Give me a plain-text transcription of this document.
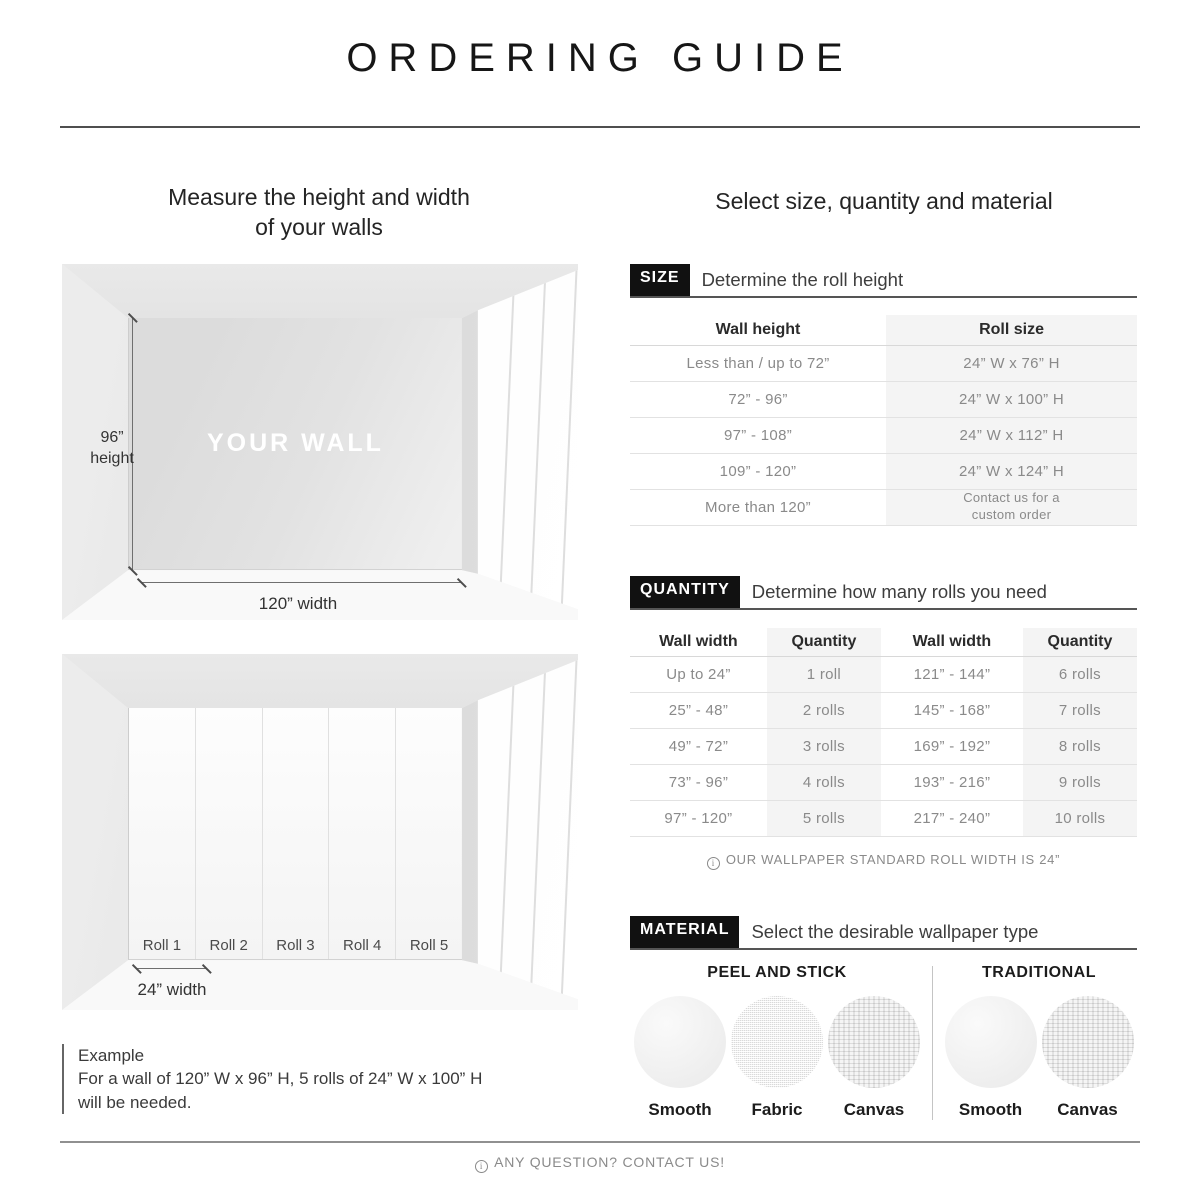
ORDERING GUIDE
Measure the height and width
of your walls
YOUR WALL
96”
height
120” width
Roll 1	Roll 2	Roll 3	Roll 4	Roll 5
24” width
Example
For a wall of 120” W x 96” H, 5 rolls of 24” W x 100” H
will be needed.
Select size, quantity and material
SIZE	Determine the roll height
Wall height	Roll size
Less than / up to 72”	24” W x 76” H
72” - 96”	24” W x 100” H
97” - 108”	24” W x 112” H
109” - 120”	24” W x 124” H
More than 120”	Contact us for a custom order
QUANTITY	Determine how many rolls you need
Wall width	Quantity	Wall width	Quantity
Up to 24”	1 roll	121” - 144”	6 rolls
25” - 48”	2 rolls	145” - 168”	7 rolls
49” - 72”	3 rolls	169” - 192”	8 rolls
73” - 96”	4 rolls	193” - 216”	9 rolls
97” - 120”	5 rolls	217” - 240”	10 rolls
i OUR WALLPAPER STANDARD ROLL WIDTH IS 24”
MATERIAL	Select the desirable wallpaper type
PEEL AND STICK
Smooth	Fabric	Canvas
TRADITIONAL
Smooth	Canvas
i ANY QUESTION? CONTACT US!
